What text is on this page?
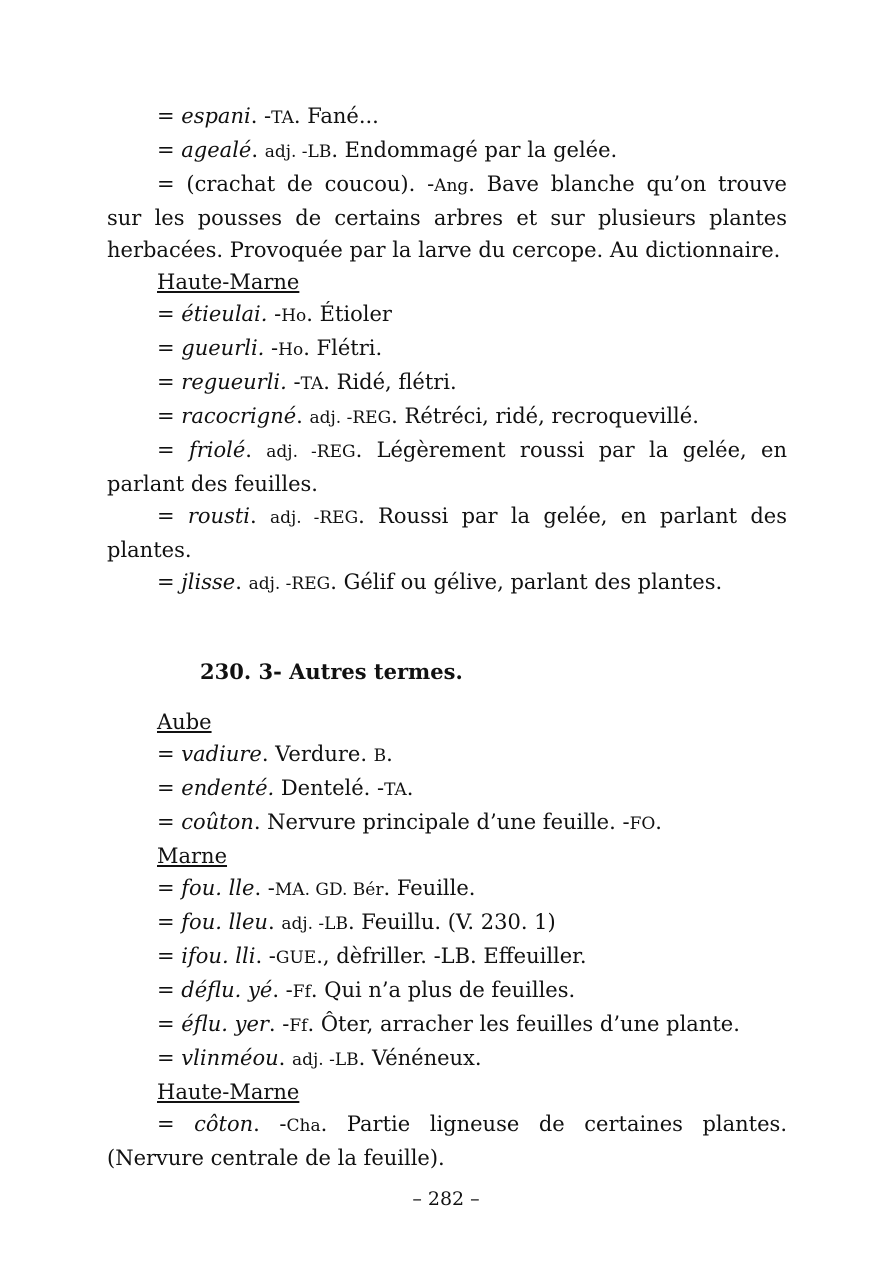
= espani. -TA. Fané...

= agealé. adj. -LB. Endommagé par la gelée.

= (crachat de coucou). -Ang. Bave blanche qu’on trouve sur les pousses de certains arbres et sur plusieurs plantes herbacées. Provoquée par la larve du cercope. Au dictionnaire.

Haute-Marne

= étieulai. -Ho. Étioler

= gueurli. -Ho. Flétri.

= regueurli. -TA. Ridé, flétri.

= racocrigné. adj. -REG. Rétréci, ridé, recroquevillé.

= friolé. adj. -REG. Légèrement roussi par la gelée, en parlant des feuilles.

= rousti. adj. -REG. Roussi par la gelée, en parlant des plantes.

= jlisse. adj. -REG. Gélif ou gélive, parlant des plantes.

230. 3- Autres termes.

Aube

= vadiure. Verdure. B.

= endenté. Dentelé. -TA.

= coûton. Nervure principale d’une feuille. -FO.

Marne

= fou. lle. -MA. GD. Bér. Feuille.

= fou. lleu. adj. -LB. Feuillu. (V. 230. 1)

= ifou. lli. -GUE., dèfriller. -LB. Effeuiller.

= déflu. yé. -Ff. Qui n’a plus de feuilles.

= éflu. yer. -Ff. Ôter, arracher les feuilles d’une plante.

= vlinméou. adj. -LB. Vénéneux.

Haute-Marne

= côton. -Cha. Partie ligneuse de certaines plantes. (Nervure centrale de la feuille).

– 282 –
